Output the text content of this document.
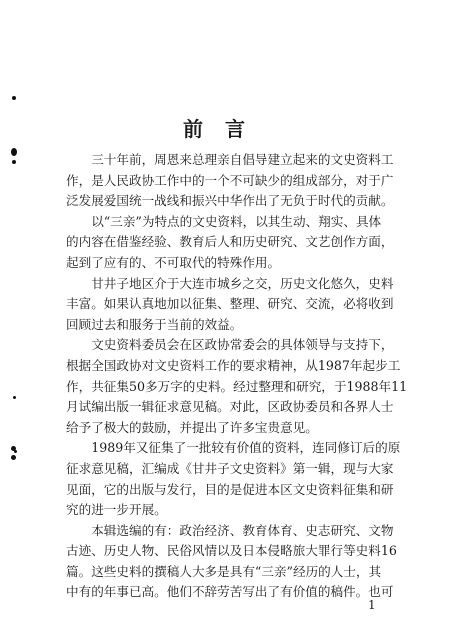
前言
　　三十年前，周恩来总理亲自倡导建立起来的文史资料工
作，是人民政协工作中的一个不可缺少的组成部分，对于广
泛发展爱国统一战线和振兴中华作出了无负于时代的贡献。
　　以“三亲”为特点的文史资料，以其生动、翔实、具体
的内容在借鉴经验、教育后人和历史研究、文艺创作方面，
起到了应有的、不可取代的特殊作用。
　　甘井子地区介于大连市城乡之交，历史文化悠久，史料
丰富。如果认真地加以征集、整理、研究、交流，必将收到
回顾过去和服务于当前的效益。
　　文史资料委员会在区政协常委会的具体领导与支持下，
根据全国政协对文史资料工作的要求精神，从1987年起步工
作，共征集50多万字的史料。经过整理和研究，于1988年11
月试编出版一辑征求意见稿。对此，区政协委员和各界人士
给予了极大的鼓励，并提出了许多宝贵意见。
　　1989年又征集了一批较有价值的资料，连同修订后的原
征求意见稿，汇编成《甘井子文史资料》第一辑，现与大家
见面，它的出版与发行，目的是促进本区文史资料征集和研
究的进一步开展。
　　本辑选编的有：政治经济、教育体育、史志研究、文物
古迹、历史人物、民俗风情以及日本侵略旅大罪行等史料16
篇。这些史料的撰稿人大多是具有“三亲”经历的人士，其
中有的年事已高。他们不辞劳苦写出了有价值的稿件。也可
1
